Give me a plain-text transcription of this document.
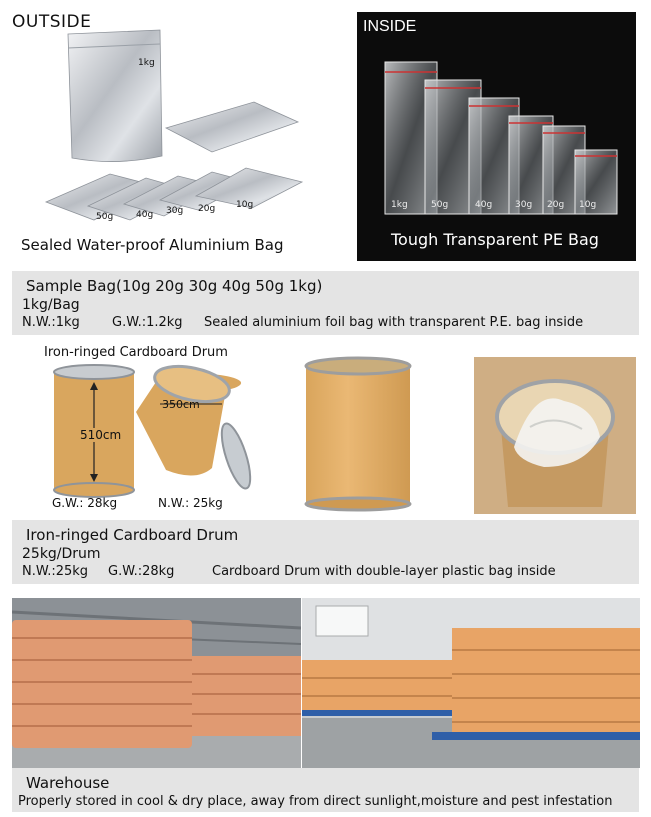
OUTSIDE
1kg
50g	40g 30g 20g 10g
Sealed Water-proof Aluminium Bag
INSIDE
1kg	50g	40g	30g 20g 10g
Tough Transparent PE Bag
Sample Bag(10g 20g 30g 40g 50g 1kg)
1kg/Bag
N.W.:1kg G.W.:1.2kg Sealed aluminium foil bag with transparent P.E. bag inside
Iron-ringed Cardboard Drum
510cm
350cm
G.W.: 28kg	N.W.: 25kg
Iron-ringed Cardboard Drum
25kg/Drum
N.W.:25kg G.W.:28kg	Cardboard Drum with double-layer plastic bag inside
Warehouse
Properly stored in cool & dry place, away from direct sunlight,moisture and pest infestation
